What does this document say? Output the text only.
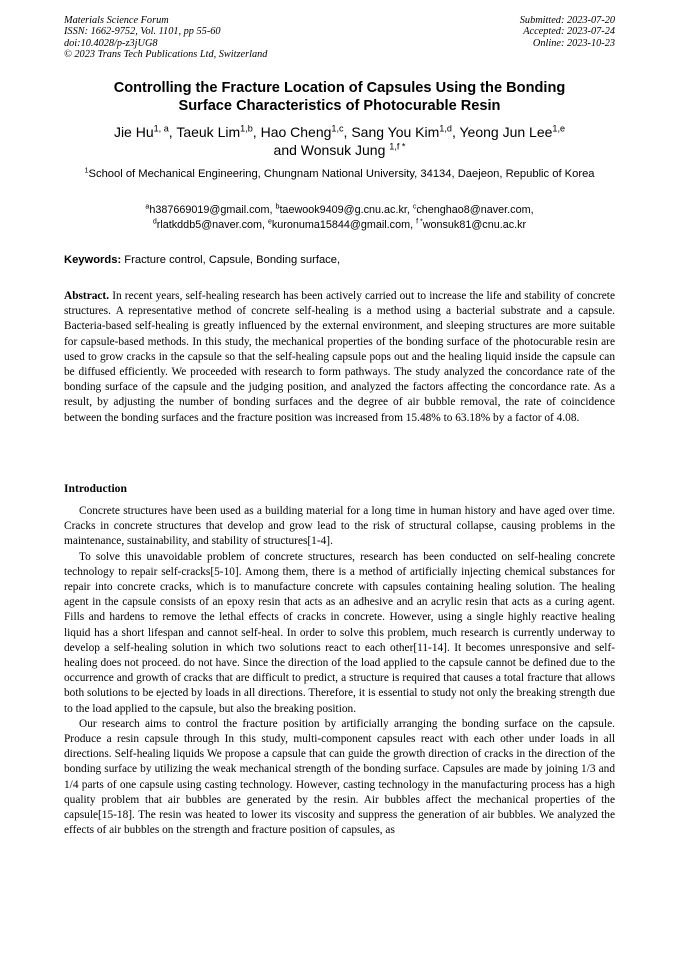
Materials Science Forum
ISSN: 1662-9752, Vol. 1101, pp 55-60
doi:10.4028/p-z3jUG8
© 2023 Trans Tech Publications Ltd, Switzerland
Submitted: 2023-07-20
Accepted: 2023-07-24
Online: 2023-10-23
Controlling the Fracture Location of Capsules Using the Bonding
Surface Characteristics of Photocurable Resin
Jie Hu$^{1, a}$, Taeuk Lim$^{1,b}$, Hao Cheng$^{1,c}$, Sang You Kim$^{1,d}$, Yeong Jun Lee$^{1,e}$
and Wonsuk Jung $^{1,f *}$
$^1$School of Mechanical Engineering, Chungnam National University, 34134, Daejeon, Republic of Korea
$^a$h387669019@gmail.com, $^b$taewook9409@g.cnu.ac.kr, $^c$chenghao8@naver.com,
$^d$rlatkddb5@naver.com, $^e$kuronuma15844@gmail.com, $^{f *}$wonsuk81@cnu.ac.kr
Keywords: Fracture control, Capsule, Bonding surface,

Abstract. In recent years, self-healing research has been actively carried out to increase the life and stability of concrete structures. A representative method of concrete self-healing is a method using a bacterial substrate and a capsule. Bacteria-based self-healing is greatly influenced by the external environment, and sleeping structures are more suitable for capsule-based methods. In this study, the mechanical properties of the bonding surface of the photocurable resin are used to grow cracks in the capsule so that the self-healing capsule pops out and the healing liquid inside the capsule can be diffused efficiently. We proceeded with research to form pathways. The study analyzed the concordance rate of the bonding surface of the capsule and the judging position, and analyzed the factors affecting the concordance rate. As a result, by adjusting the number of bonding surfaces and the degree of air bubble removal, the rate of coincidence between the bonding surfaces and the fracture position was increased from 15.48% to 63.18% by a factor of 4.08.

Introduction

Concrete structures have been used as a building material for a long time in human history and have aged over time. Cracks in concrete structures that develop and grow lead to the risk of structural collapse, causing problems in the maintenance, sustainability, and stability of structures[1-4].

To solve this unavoidable problem of concrete structures, research has been conducted on self-healing concrete technology to repair self-cracks[5-10]. Among them, there is a method of artificially injecting chemical substances for repair into concrete cracks, which is to manufacture concrete with capsules containing healing solution. The healing agent in the capsule consists of an epoxy resin that acts as an adhesive and an acrylic resin that acts as a curing agent. Fills and hardens to remove the lethal effects of cracks in concrete. However, using a single highly reactive healing liquid has a short lifespan and cannot self-heal. In order to solve this problem, much research is currently underway to develop a self-healing solution in which two solutions react to each other[11-14]. It becomes unresponsive and self-healing does not proceed. do not have. Since the direction of the load applied to the capsule cannot be defined due to the occurrence and growth of cracks that are difficult to predict, a structure is required that causes a total fracture that allows both solutions to be ejected by loads in all directions. Therefore, it is essential to study not only the breaking strength due to the load applied to the capsule, but also the breaking position.

Our research aims to control the fracture position by artificially arranging the bonding surface on the capsule. Produce a resin capsule through In this study, multi-component capsules react with each other under loads in all directions. Self-healing liquids We propose a capsule that can guide the growth direction of cracks in the direction of the bonding surface by utilizing the weak mechanical strength of the bonding surface. Capsules are made by joining 1/3 and 1/4 parts of one capsule using casting technology. However, casting technology in the manufacturing process has a high quality problem that air bubbles are generated by the resin. Air bubbles affect the mechanical properties of the capsule[15-18]. The resin was heated to lower its viscosity and suppress the generation of air bubbles. We analyzed the effects of air bubbles on the strength and fracture position of capsules, as
